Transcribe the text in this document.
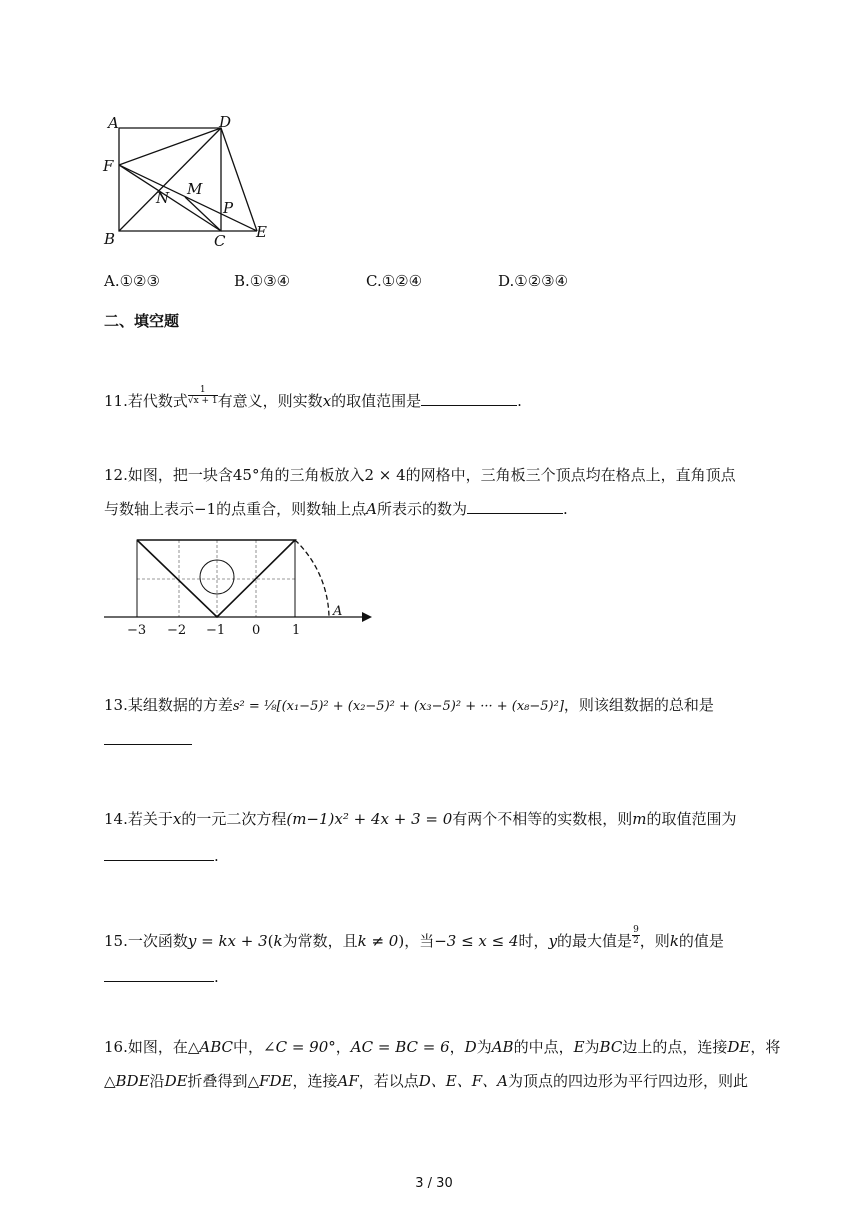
A	D
F
M
N
P
B	C E
A.①②③	B.①③④	C.①②④	D.①②③④
二、填空题
11.若代数式 $\frac{1}{√x + 1}$ 有意义，则实数x的取值范围是	.
12.如图，把一块含45°角的三角板放入2 × 4的网格中，三角板三个顶点均在格点上，直角顶点
与数轴上表示−1的点重合，则数轴上点A所表示的数为	.
−3 −2 −1 0 1
A
13.某组数据的方差s² = ⅛[(x₁−5)² + (x₂−5)² + (x₃−5)² + ··· + (x₈−5)²]，则该组数据的总和是
14.若关于x的一元二次方程(m−1)x² + 4x + 3 = 0有两个不相等的实数根，则m的取值范围为
.
15.一次函数y = kx + 3(k为常数，且k ≠ 0)，当−3 ≤ x ≤ 4时，y的最大值是 $\frac{9}{2}$ ，则k的值是
.
16.如图，在△ABC中，∠C = 90°，AC = BC = 6，D为AB的中点，E为BC边上的点，连接DE，将
△BDE沿DE折叠得到△FDE，连接AF，若以点D、E、F、A为顶点的四边形为平行四边形，则此
3 / 30
